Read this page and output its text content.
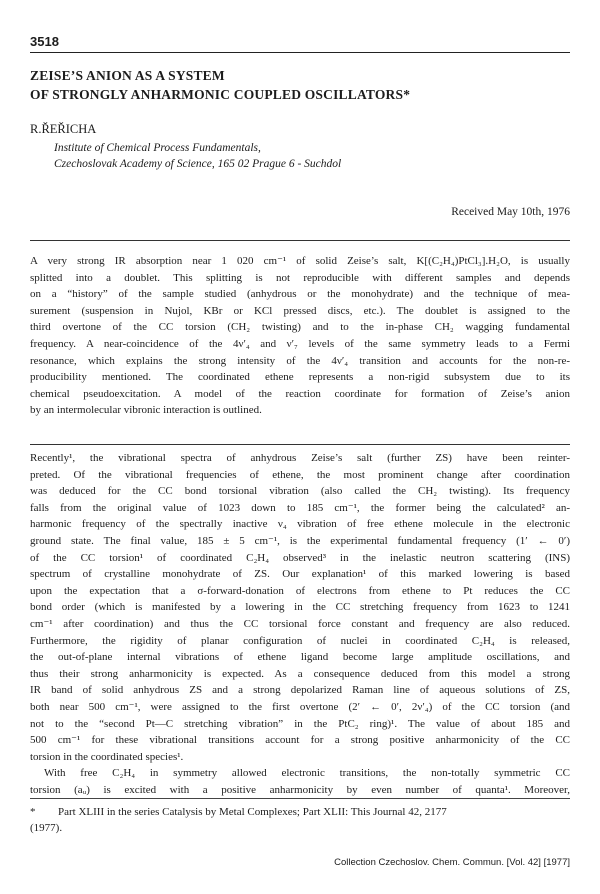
3518
ZEISE’S ANION AS A SYSTEM
OF STRONGLY ANHARMONIC COUPLED OSCILLATORS*
R.ŘEŘICHA
Institute of Chemical Process Fundamentals,
Czechoslovak Academy of Science, 165 02 Prague 6 - Suchdol
Received May 10th, 1976
A very strong IR absorption near 1 020 cm⁻¹ of solid Zeise’s salt, K[(C₂H₄)PtCl₃].H₂O, is usually
splitted into a doublet. This splitting is not reproducible with different samples and depends
on a “history” of the sample studied (anhydrous or the monohydrate) and the technique of mea-
surement (suspension in Nujol, KBr or KCl pressed discs, etc.). The doublet is assigned to the
third overtone of the CC torsion (CH₂ twisting) and to the in-phase CH₂ wagging fundamental
frequency. A near-coincidence of the 4ν′₄ and ν′₇ levels of the same symmetry leads to a Fermi
resonance, which explains the strong intensity of the 4ν′₄ transition and accounts for the non-re-
producibility mentioned. The coordinated ethene represents a non-rigid subsystem due to its
chemical pseudoexcitation. A model of the reaction coordinate for formation of Zeise’s anion
by an intermolecular vibronic interaction is outlined.
Recently¹, the vibrational spectra of anhydrous Zeise’s salt (further ZS) have been reinter-
preted. Of the vibrational frequencies of ethene, the most prominent change after coordination
was deduced for the CC bond torsional vibration (also called the CH₂ twisting). Its frequency
falls from the original value of 1023 down to 185 cm⁻¹, the former being the calculated² an-
harmonic frequency of the spectrally inactive ν₄ vibration of free ethene molecule in the electronic
ground state. The final value, 185 ± 5 cm⁻¹, is the experimental fundamental frequency (1′ ← 0′)
of the CC torsion¹ of coordinated C₂H₄ observed³ in the inelastic neutron scattering (INS)
spectrum of crystalline monohydrate of ZS. Our explanation¹ of this marked lowering is based
upon the expectation that a σ-forward-donation of electrons from ethene to Pt reduces the CC
bond order (which is manifested by a lowering in the CC stretching frequency from 1623 to 1241
cm⁻¹ after coordination) and thus the CC torsional force constant and frequency are also reduced.
Furthermore, the rigidity of planar configuration of nuclei in coordinated C₂H₄ is released,
the out-of-plane internal vibrations of ethene ligand become large amplitude oscillations, and
thus their strong anharmonicity is expected. As a consequence deduced from this model a strong
IR band of solid anhydrous ZS and a strong depolarized Raman line of aqueous solutions of ZS,
both near 500 cm⁻¹, were assigned to the first overtone (2′ ← 0′, 2ν′₄) of the CC torsion (and
not to the “second Pt—C stretching vibration” in the PtC₂ ring)¹. The value of about 185 and
500 cm⁻¹ for these vibrational transitions account for a strong positive anharmonicity of the CC
torsion in the coordinated species¹.
With free C₂H₄ in symmetry allowed electronic transitions, the non-totally symmetric CC
torsion (aᵤ) is excited with a positive anharmonicity by even number of quanta¹. Moreover,
* Part XLIII in the series Catalysis by Metal Complexes; Part XLII: This Journal 42, 2177
(1977).
Collection Czechoslov. Chem. Commun. [Vol. 42] [1977]
